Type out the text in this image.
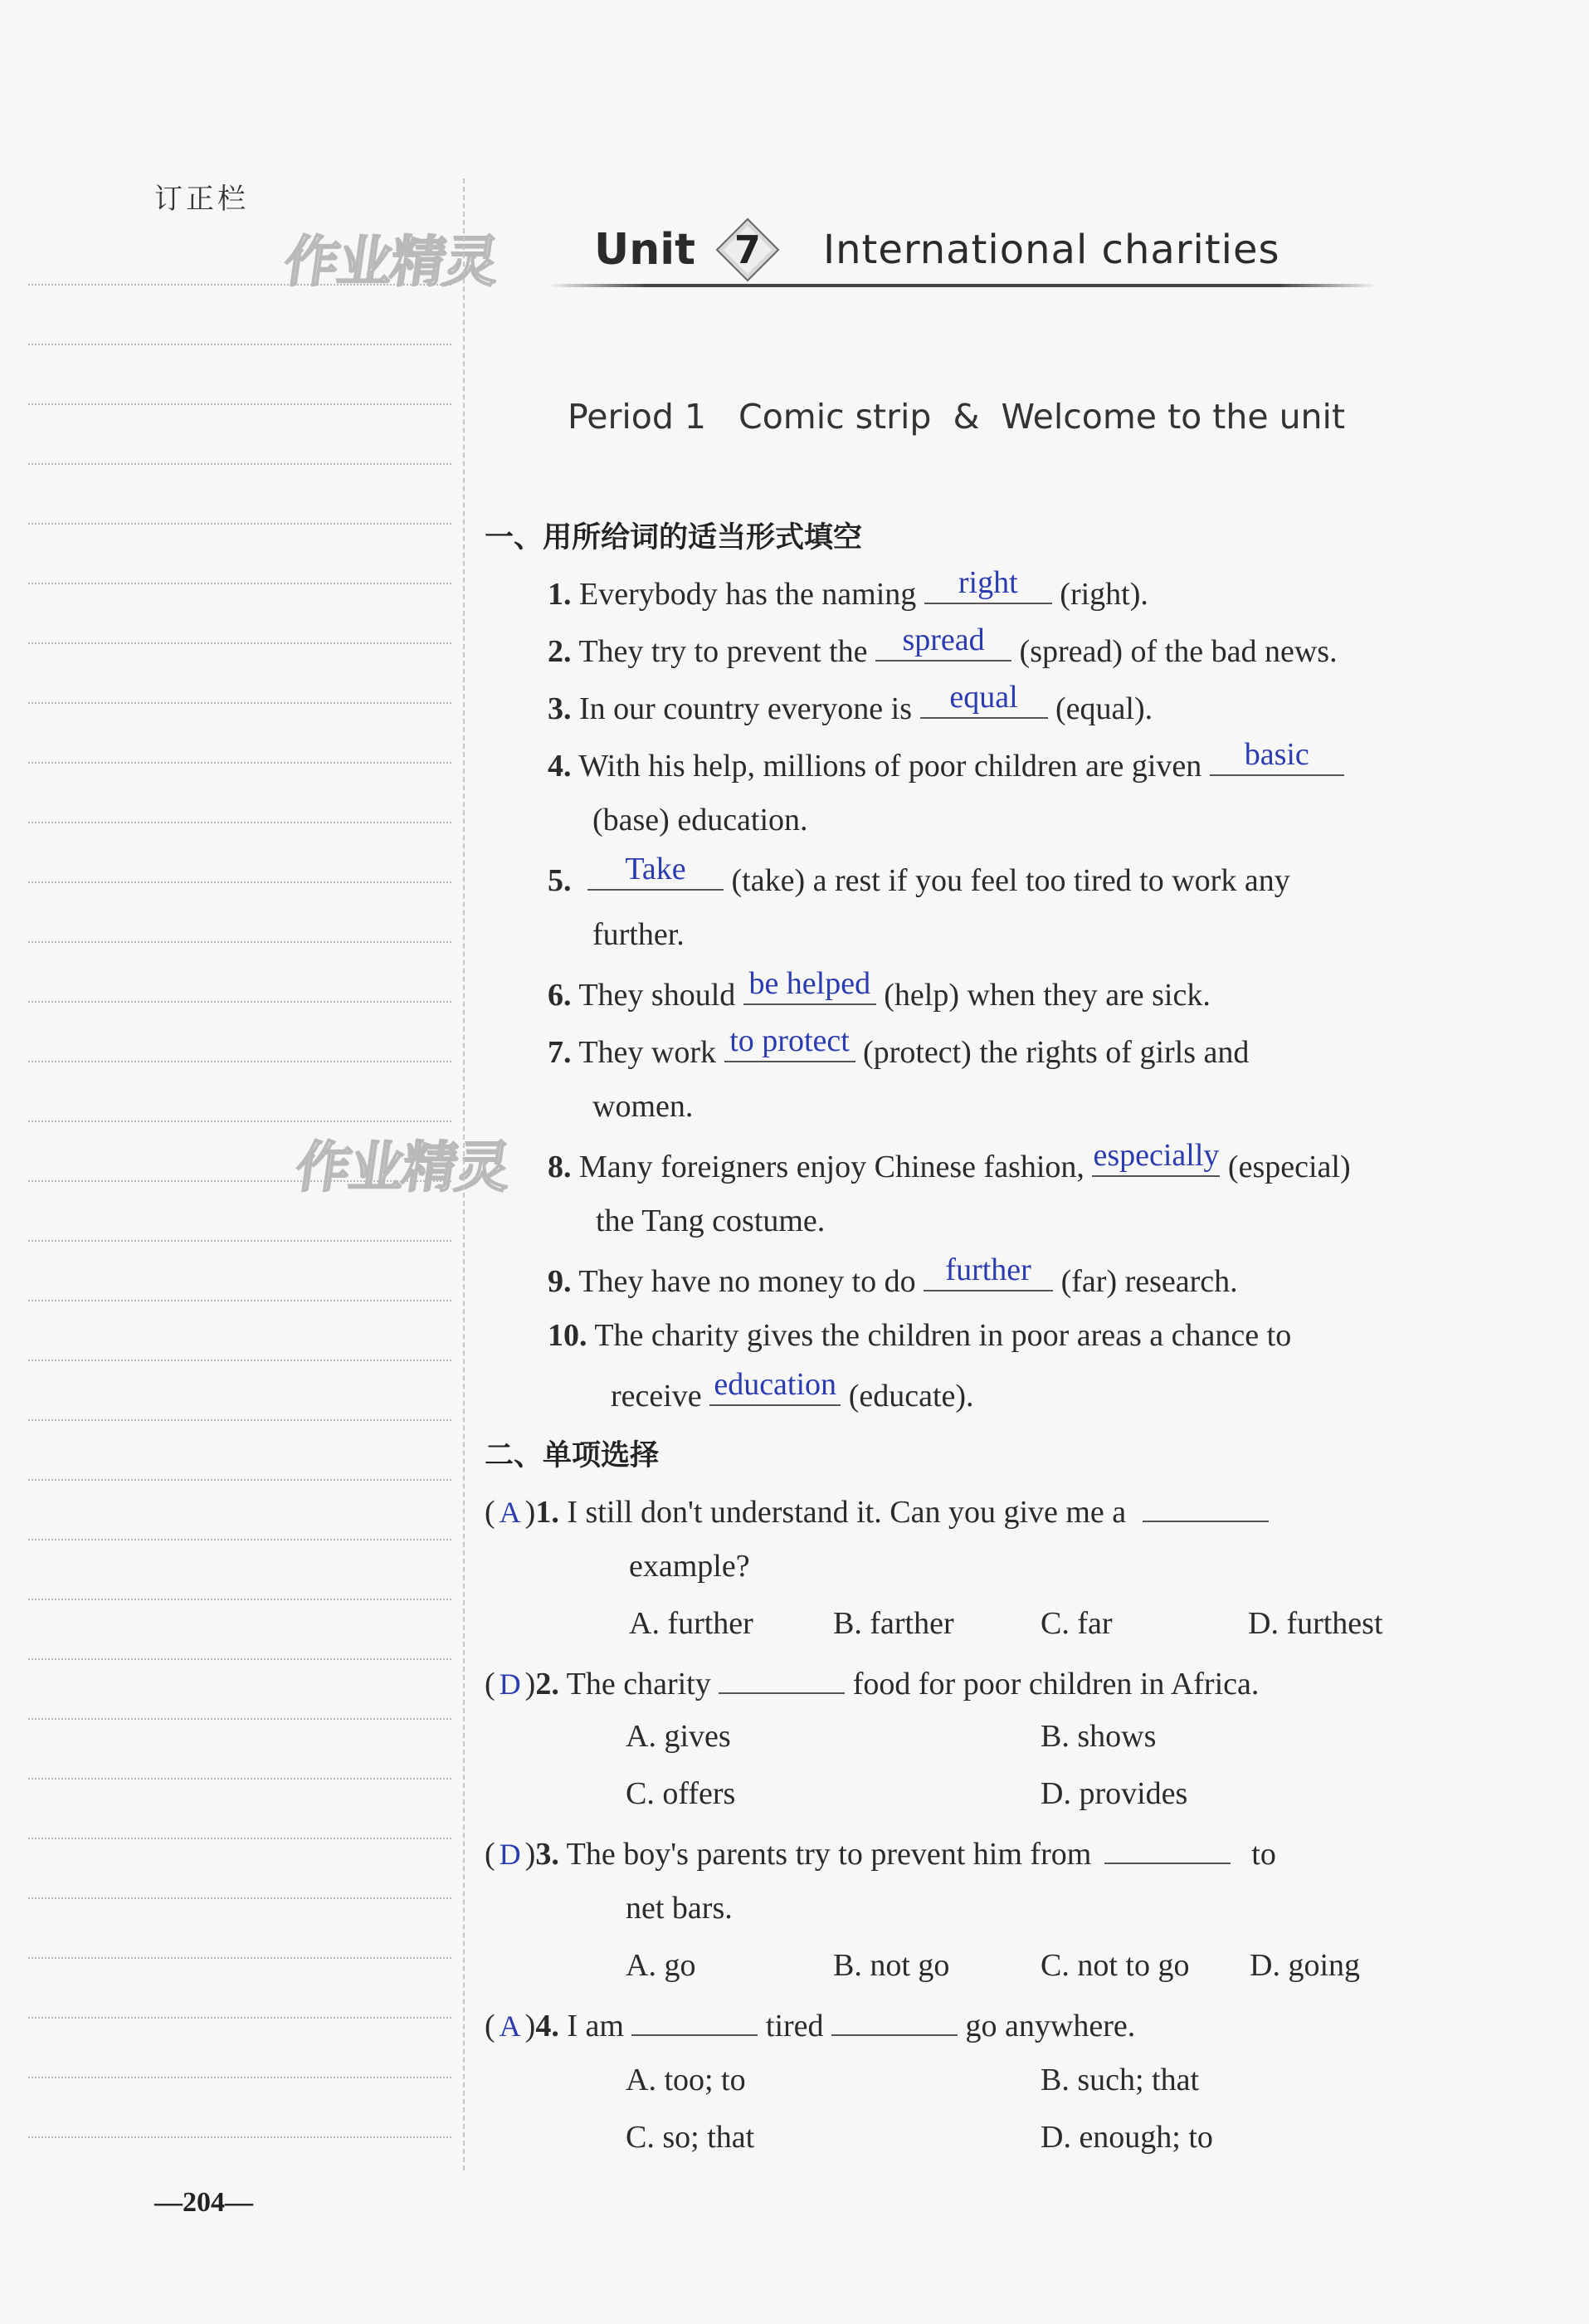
订正栏
作业精灵
作业精灵
—204—
Unit 7 International charities
Period 1   Comic strip  &  Welcome to the unit
一、用所给词的适当形式填空
1. Everybody has the naming	right	(right).
2. They try to prevent the	spread	(spread) of the bad news.
3. In our country everyone is	equal	(equal).
4. With his help, millions of poor children are given	basic
(base) education.
5.	Take	(take) a rest if you feel too tired to work any
further.
6. They should be helped (help) when they are sick.
7. They work to protect (protect) the rights of girls and
women.
8. Many foreigners enjoy Chinese fashion, especially (especial)
the Tang costume.
9. They have no money to do further (far) research.
10. The charity gives the children in poor areas a chance to
receive education (educate).
二、单项选择
( A )1. I still don't understand it. Can you give me a
example?
A. further	B. farther	C. far	D. furthest
( D )2. The charity	food for poor children in Africa.
A. gives	B. shows
C. offers	D. provides
( D )3. The boy's parents try to prevent him from	to
net bars.
A. go	B. not go	C. not to go D. going
( A )4. I am	tired	go anywhere.
A. too; to	B. such; that
C. so; that	D. enough; to
